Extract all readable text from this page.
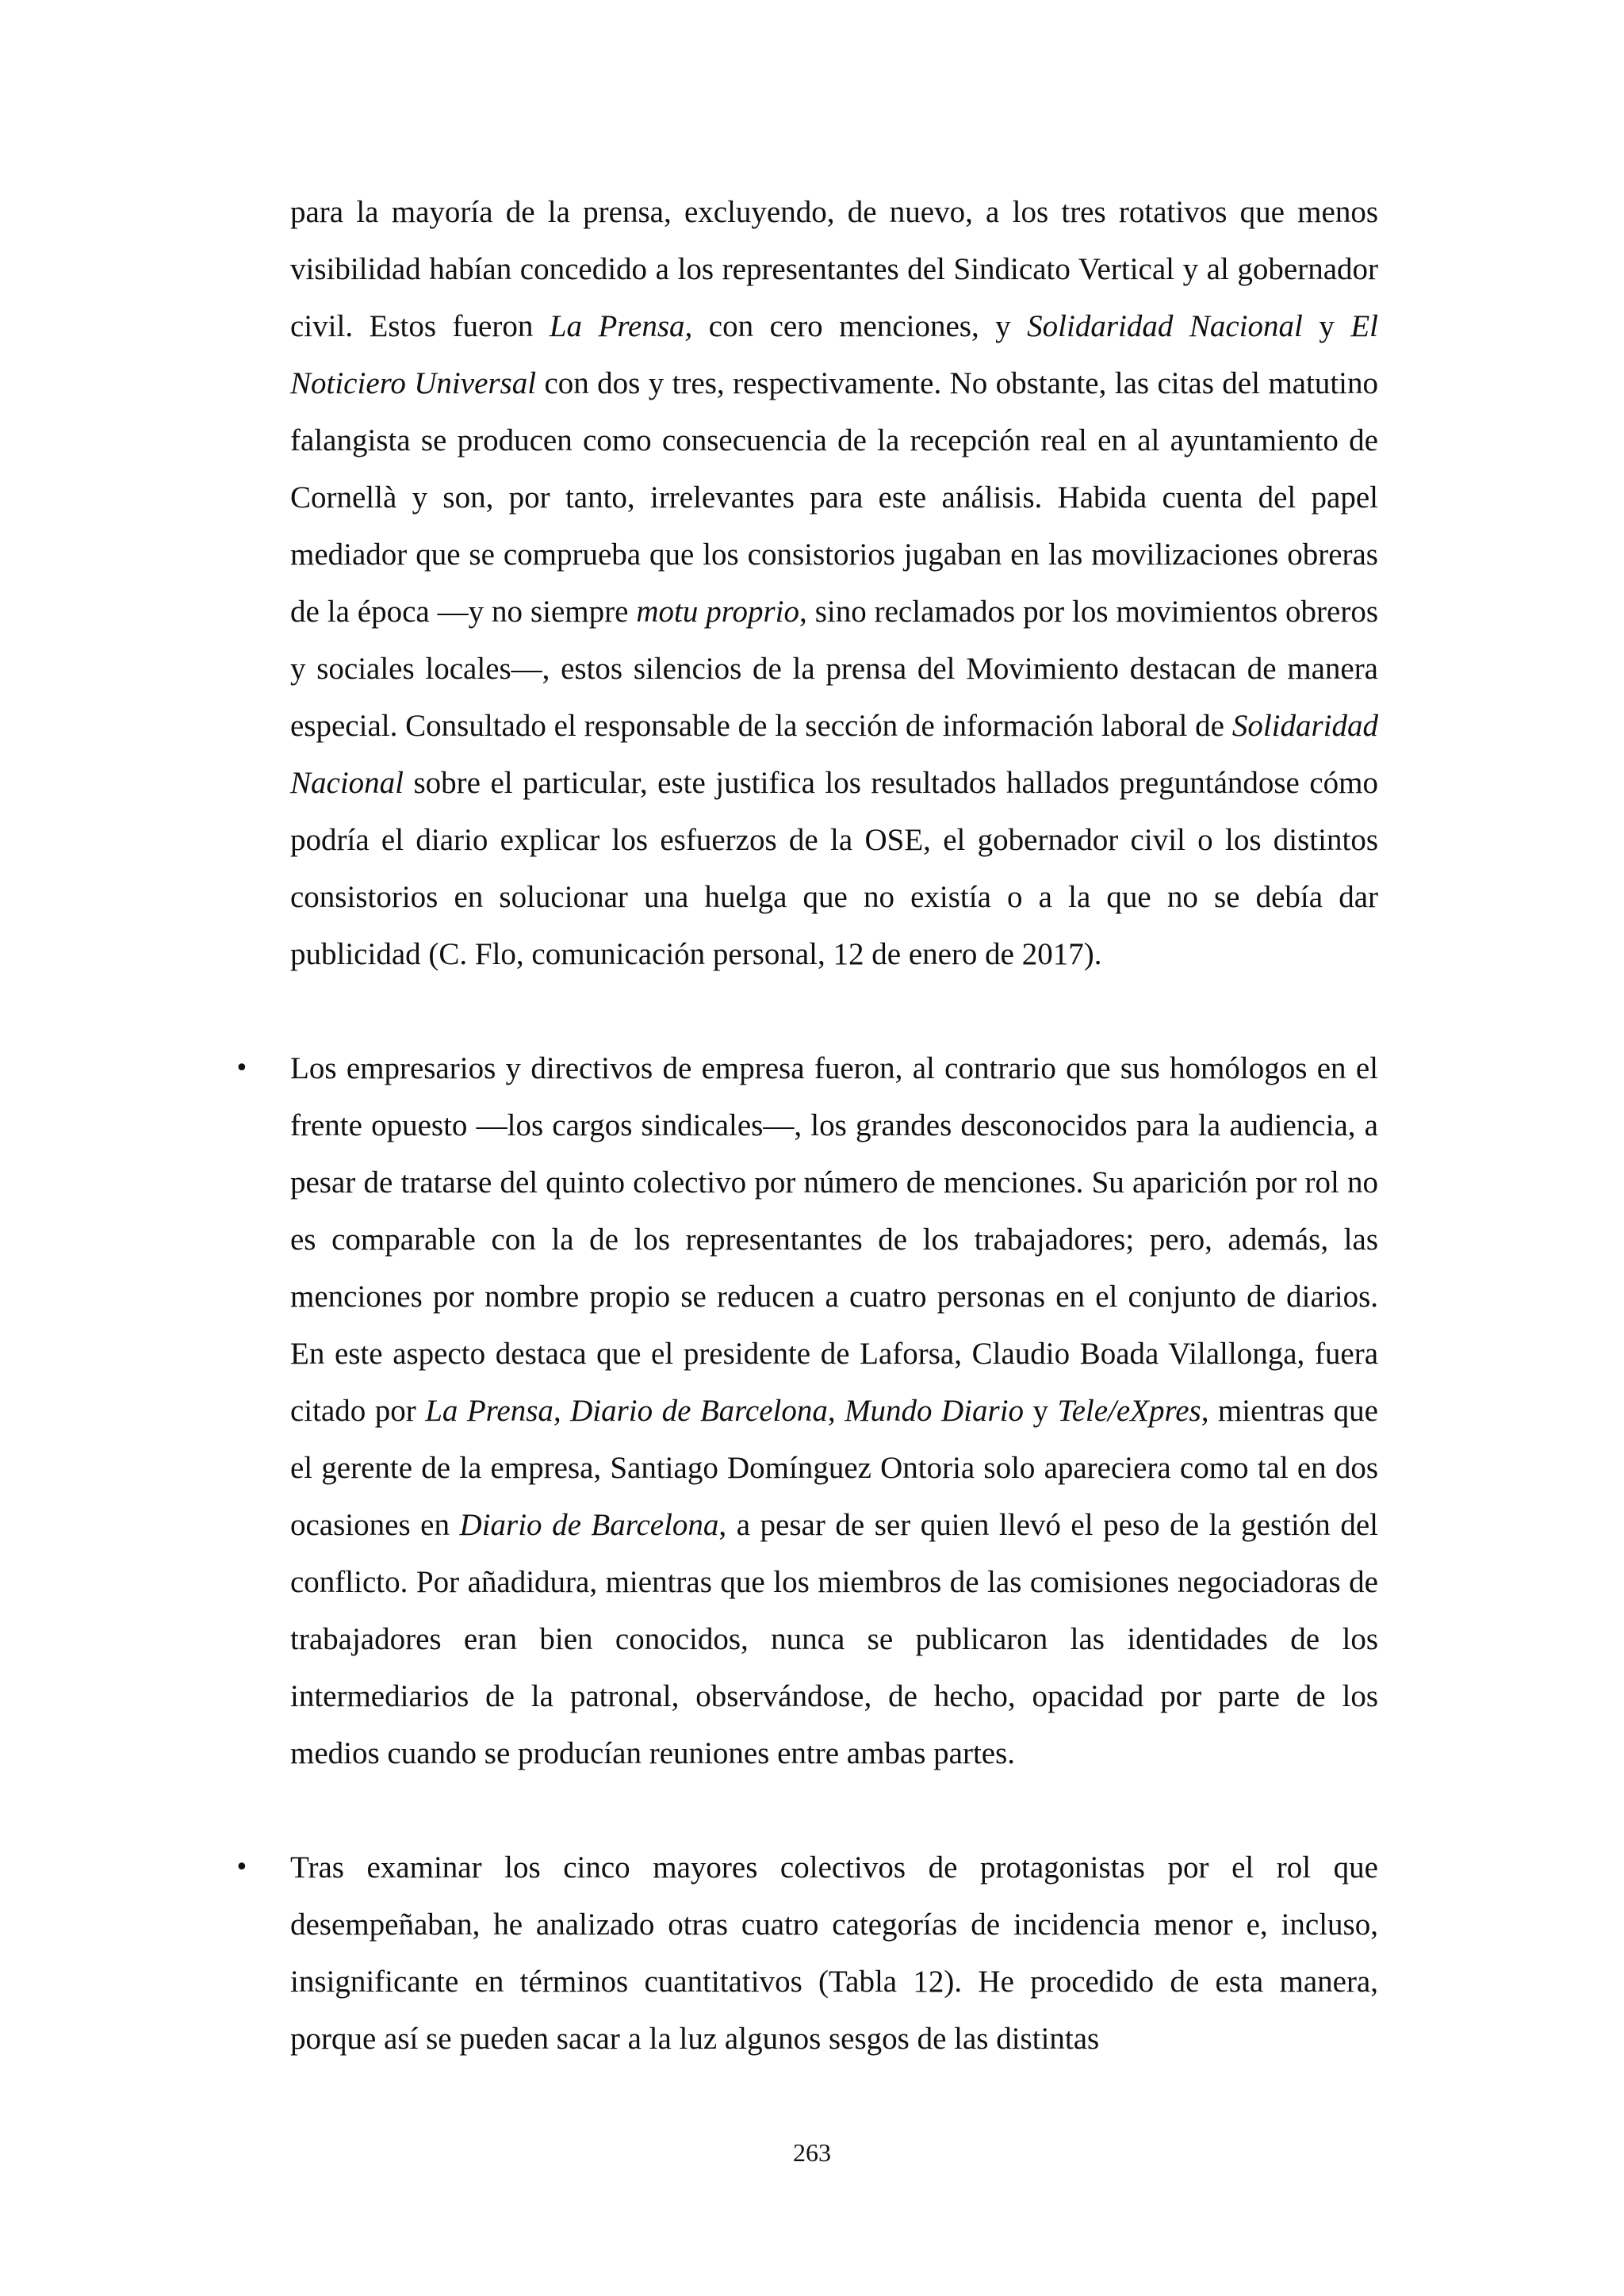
para la mayoría de la prensa, excluyendo, de nuevo, a los tres rotativos que menos visibilidad habían concedido a los representantes del Sindicato Vertical y al gobernador civil. Estos fueron La Prensa, con cero menciones, y Solidaridad Nacional y El Noticiero Universal con dos y tres, respectivamente. No obstante, las citas del matutino falangista se producen como consecuencia de la recepción real en al ayuntamiento de Cornellà y son, por tanto, irrelevantes para este análisis. Habida cuenta del papel mediador que se comprueba que los consistorios jugaban en las movilizaciones obreras de la época —y no siempre motu proprio, sino reclamados por los movimientos obreros y sociales locales—, estos silencios de la prensa del Movimiento destacan de manera especial. Consultado el responsable de la sección de información laboral de Solidaridad Nacional sobre el particular, este justifica los resultados hallados preguntándose cómo podría el diario explicar los esfuerzos de la OSE, el gobernador civil o los distintos consistorios en solucionar una huelga que no existía o a la que no se debía dar publicidad (C. Flo, comunicación personal, 12 de enero de 2017).

• Los empresarios y directivos de empresa fueron, al contrario que sus homólogos en el frente opuesto —los cargos sindicales—, los grandes desconocidos para la audiencia, a pesar de tratarse del quinto colectivo por número de menciones. Su aparición por rol no es comparable con la de los representantes de los trabajadores; pero, además, las menciones por nombre propio se reducen a cuatro personas en el conjunto de diarios. En este aspecto destaca que el presidente de Laforsa, Claudio Boada Vilallonga, fuera citado por La Prensa, Diario de Barcelona, Mundo Diario y Tele/eXpres, mientras que el gerente de la empresa, Santiago Domínguez Ontoria solo apareciera como tal en dos ocasiones en Diario de Barcelona, a pesar de ser quien llevó el peso de la gestión del conflicto. Por añadidura, mientras que los miembros de las comisiones negociadoras de trabajadores eran bien conocidos, nunca se publicaron las identidades de los intermediarios de la patronal, observándose, de hecho, opacidad por parte de los medios cuando se producían reuniones entre ambas partes.

• Tras examinar los cinco mayores colectivos de protagonistas por el rol que desempeñaban, he analizado otras cuatro categorías de incidencia menor e, incluso, insignificante en términos cuantitativos (Tabla 12). He procedido de esta manera, porque así se pueden sacar a la luz algunos sesgos de las distintas

263
